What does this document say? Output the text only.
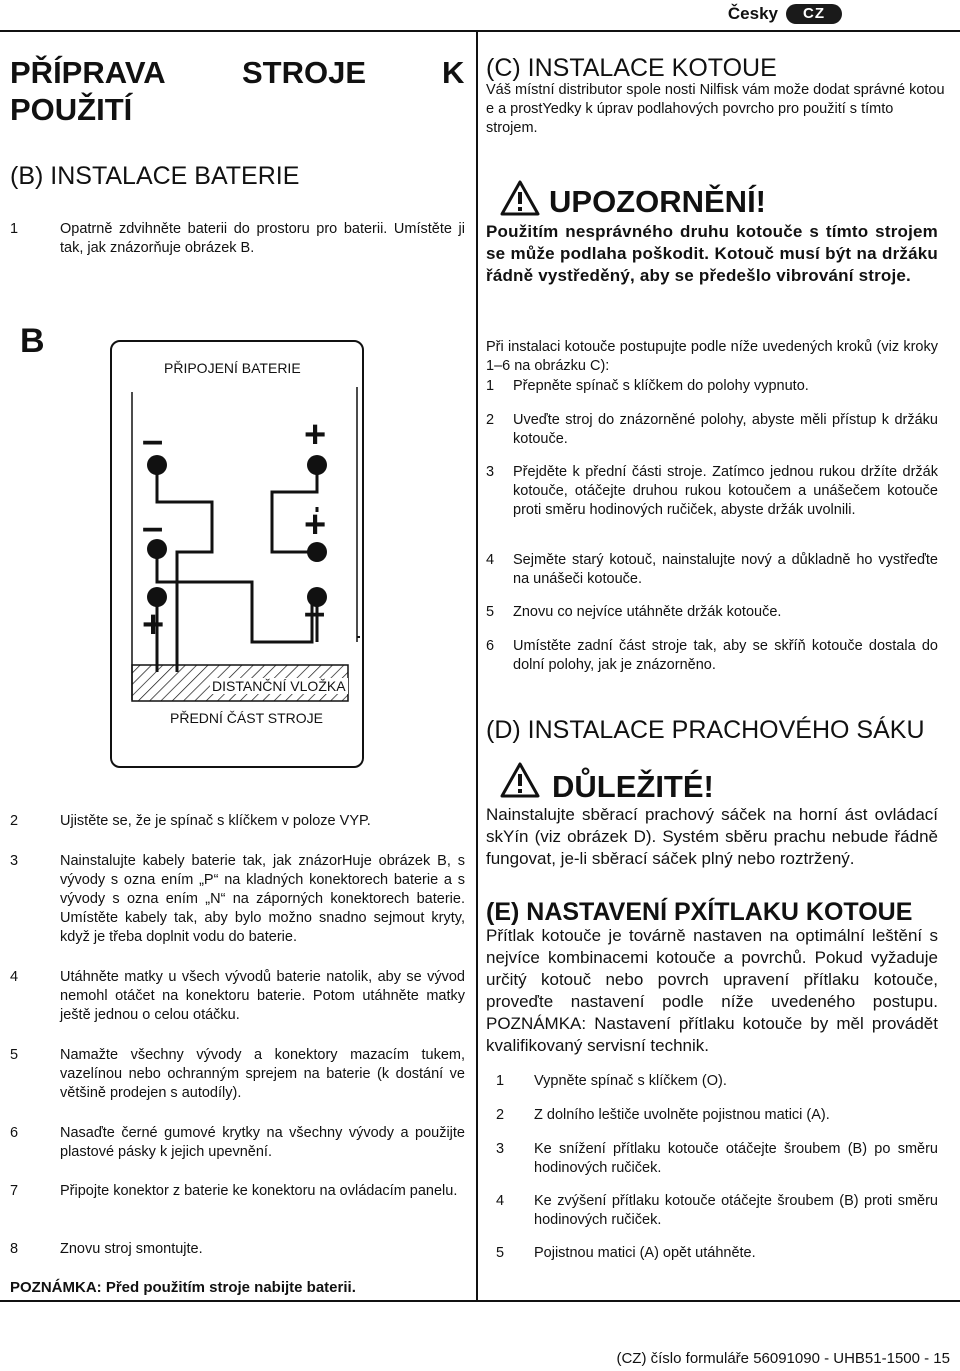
Česky	CZ
PŘÍPRAVA STROJE K
POUŽITÍ
(B) INSTALACE BATERIE
1	Opatrně zdvihněte baterii do prostoru pro baterii. Umístěte ji tak, jak znázorňuje obrázek B.
B
PŘIPOJENÍ BATERIE
–	+
–	+
+	–
DISTANČNÍ VLOŽKA
PŘEDNÍ ČÁST STROJE
2	Ujistěte se, že je spínač s klíčkem v poloze VYP.
3	Nainstalujte kabely baterie tak, jak znázorHuje obrázek B, s vývody s ozna ením „P“ na kladných konektorech baterie a s vývody s ozna ením „N“ na záporných konektorech baterie. Umístěte kabely tak, aby bylo možno snadno sejmout kryty, když je třeba doplnit vodu do baterie.
4	Utáhněte matky u všech vývodů baterie natolik, aby se vývod nemohl otáčet na konektoru baterie. Potom utáhněte matky ještě jednou o celou otáčku.
5	Namažte všechny vývody a konektory mazacím tukem, vazelínou nebo ochranným sprejem na baterie (k dostání ve většině prodejen s autodíly).
6	Nasaďte černé gumové krytky na všechny vývody a použijte plastové pásky k jejich upevnění.
7	Připojte konektor z baterie ke konektoru na ovládacím panelu.
8	Znovu stroj smontujte.
POZNÁMKA: Před použitím stroje nabijte baterii.
(C) INSTALACE KOTOUE
Váš místní distributor spole nosti Nilfisk vám može dodat správné kotou e a prostYedky k úprav podlahových povrcho pro použití s tímto strojem.
UPOZORNĚNÍ!
Použitím nesprávného druhu kotouče s tímto strojem se může podlaha poškodit. Kotouč musí být na držáku řádně vystředěný, aby se předešlo vibrování stroje.
Při instalaci kotouče postupujte podle níže uvedených kroků (viz kroky 1–6 na obrázku C):
1	Přepněte spínač s klíčkem do polohy vypnuto.
2	Uveďte stroj do znázorněné polohy, abyste měli přístup k držáku kotouče.
3	Přejděte k přední části stroje. Zatímco jednou rukou držíte držák kotouče, otáčejte druhou rukou kotoučem a unášečem kotouče proti směru hodinových ručiček, abyste držák uvolnili.
4	Sejměte starý kotouč, nainstalujte nový a důkladně ho vystřeďte na unášeči kotouče.
5	Znovu co nejvíce utáhněte držák kotouče.
6	Umístěte zadní část stroje tak, aby se skříň kotouče dostala do dolní polohy, jak je znázorněno.
(D) INSTALACE PRACHOVÉHO SÁKU
DŮLEŽITÉ!
Nainstalujte sběrací prachový sáček na horní ást ovládací skYín (viz obrázek D). Systém sběru prachu nebude řádně fungovat, je-li sběrací sáček plný nebo roztržený.
(E) NASTAVENÍ PXÍTLAKU KOTOUE
Přítlak kotouče je továrně nastaven na optimální leštění s nejvíce kombinacemi kotouče a povrchů. Pokud vyžaduje určitý kotouč nebo povrch upravení přítlaku kotouče, proveďte nastavení podle níže uvedeného postupu. POZNÁMKA: Nastavení přítlaku kotouče by měl provádět kvalifikovaný servisní technik.
1	Vypněte spínač s klíčkem (O).
2	Z dolního leštiče uvolněte pojistnou matici (A).
3	Ke snížení přítlaku kotouče otáčejte šroubem (B) po směru hodinových ručiček.
4	Ke zvýšení přítlaku kotouče otáčejte šroubem (B) proti směru hodinových ručiček.
5	Pojistnou matici (A) opět utáhněte.
(CZ) číslo formuláře 56091090 - UHB51-1500 - 15
